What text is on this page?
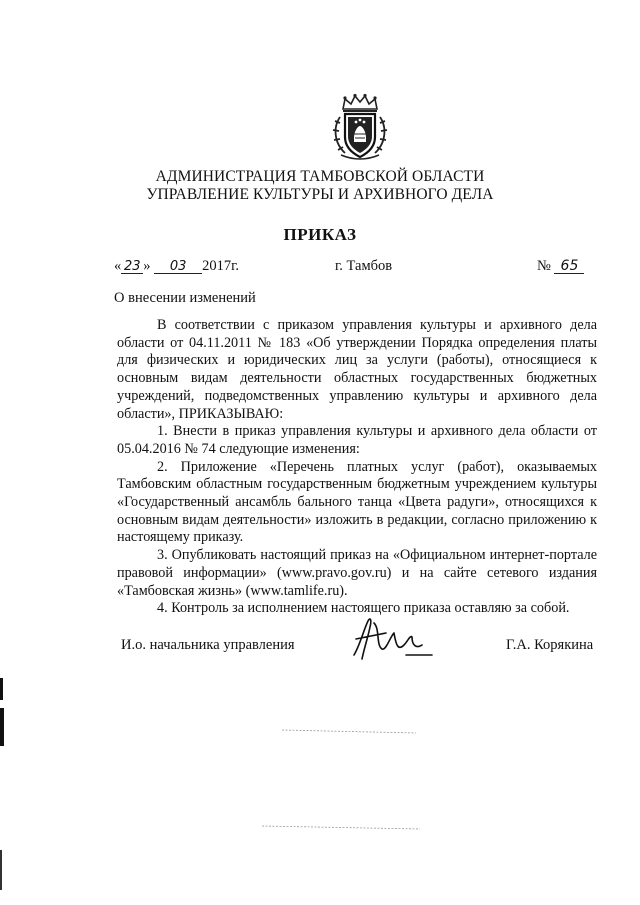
АДМИНИСТРАЦИЯ ТАМБОВСКОЙ ОБЛАСТИ
УПРАВЛЕНИЕ КУЛЬТУРЫ И АРХИВНОГО ДЕЛА
ПРИКАЗ
« 23 » 03 2017г.	г. Тамбов	№ 65
О внесении изменений

В соответствии с приказом управления культуры и архивного дела области от 04.11.2011 № 183 «Об утверждении Порядка определения платы для физических и юридических лиц за услуги (работы), относящиеся к основным видам деятельности областных государственных бюджетных учреждений, подведомственных управлению культуры и архивного дела области», ПРИКАЗЫВАЮ:

1. Внести в приказ управления культуры и архивного дела области от 05.04.2016 № 74 следующие изменения:

2. Приложение «Перечень платных услуг (работ), оказываемых Тамбовским областным государственным бюджетным учреждением культуры «Государственный ансамбль бального танца «Цвета радуги», относящихся к основным видам деятельности» изложить в редакции, согласно приложению к настоящему приказу.

3. Опубликовать настоящий приказ на «Официальном интернет-портале правовой информации» (www.pravo.gov.ru) и на сайте сетевого издания «Тамбовская жизнь» (www.tamlife.ru).

4. Контроль за исполнением настоящего приказа оставляю за собой.

И.о. начальника управления	Г.А. Корякина
